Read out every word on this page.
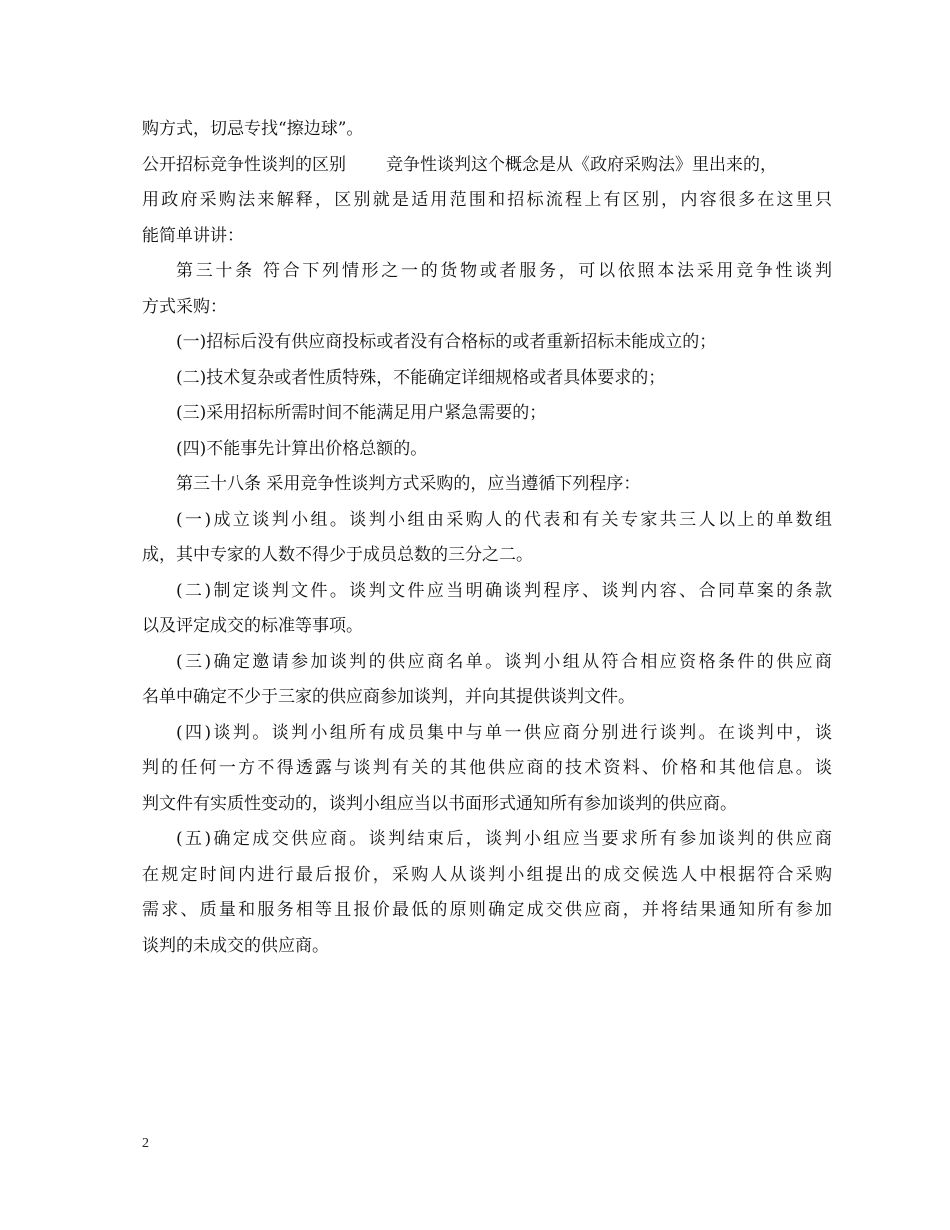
购方式，切忌专找“擦边球”。
公开招标竞争性谈判的区别 竞争性谈判这个概念是从《政府采购法》里出来的，
用政府采购法来解释，区别就是适用范围和招标流程上有区别，内容很多在这里只
能简单讲讲：
第三十条 符合下列情形之一的货物或者服务，可以依照本法采用竞争性谈判
方式采购：
(一)招标后没有供应商投标或者没有合格标的或者重新招标未能成立的；
(二)技术复杂或者性质特殊，不能确定详细规格或者具体要求的；
(三)采用招标所需时间不能满足用户紧急需要的；
(四)不能事先计算出价格总额的。
第三十八条 采用竞争性谈判方式采购的，应当遵循下列程序：
(一)成立谈判小组。谈判小组由采购人的代表和有关专家共三人以上的单数组
成，其中专家的人数不得少于成员总数的三分之二。
(二)制定谈判文件。谈判文件应当明确谈判程序、谈判内容、合同草案的条款
以及评定成交的标准等事项。
(三)确定邀请参加谈判的供应商名单。谈判小组从符合相应资格条件的供应商
名单中确定不少于三家的供应商参加谈判，并向其提供谈判文件。
(四)谈判。谈判小组所有成员集中与单一供应商分别进行谈判。在谈判中，谈
判的任何一方不得透露与谈判有关的其他供应商的技术资料、价格和其他信息。谈
判文件有实质性变动的，谈判小组应当以书面形式通知所有参加谈判的供应商。
(五)确定成交供应商。谈判结束后，谈判小组应当要求所有参加谈判的供应商
在规定时间内进行最后报价，采购人从谈判小组提出的成交候选人中根据符合采购
需求、质量和服务相等且报价最低的原则确定成交供应商，并将结果通知所有参加
谈判的未成交的供应商。
2
